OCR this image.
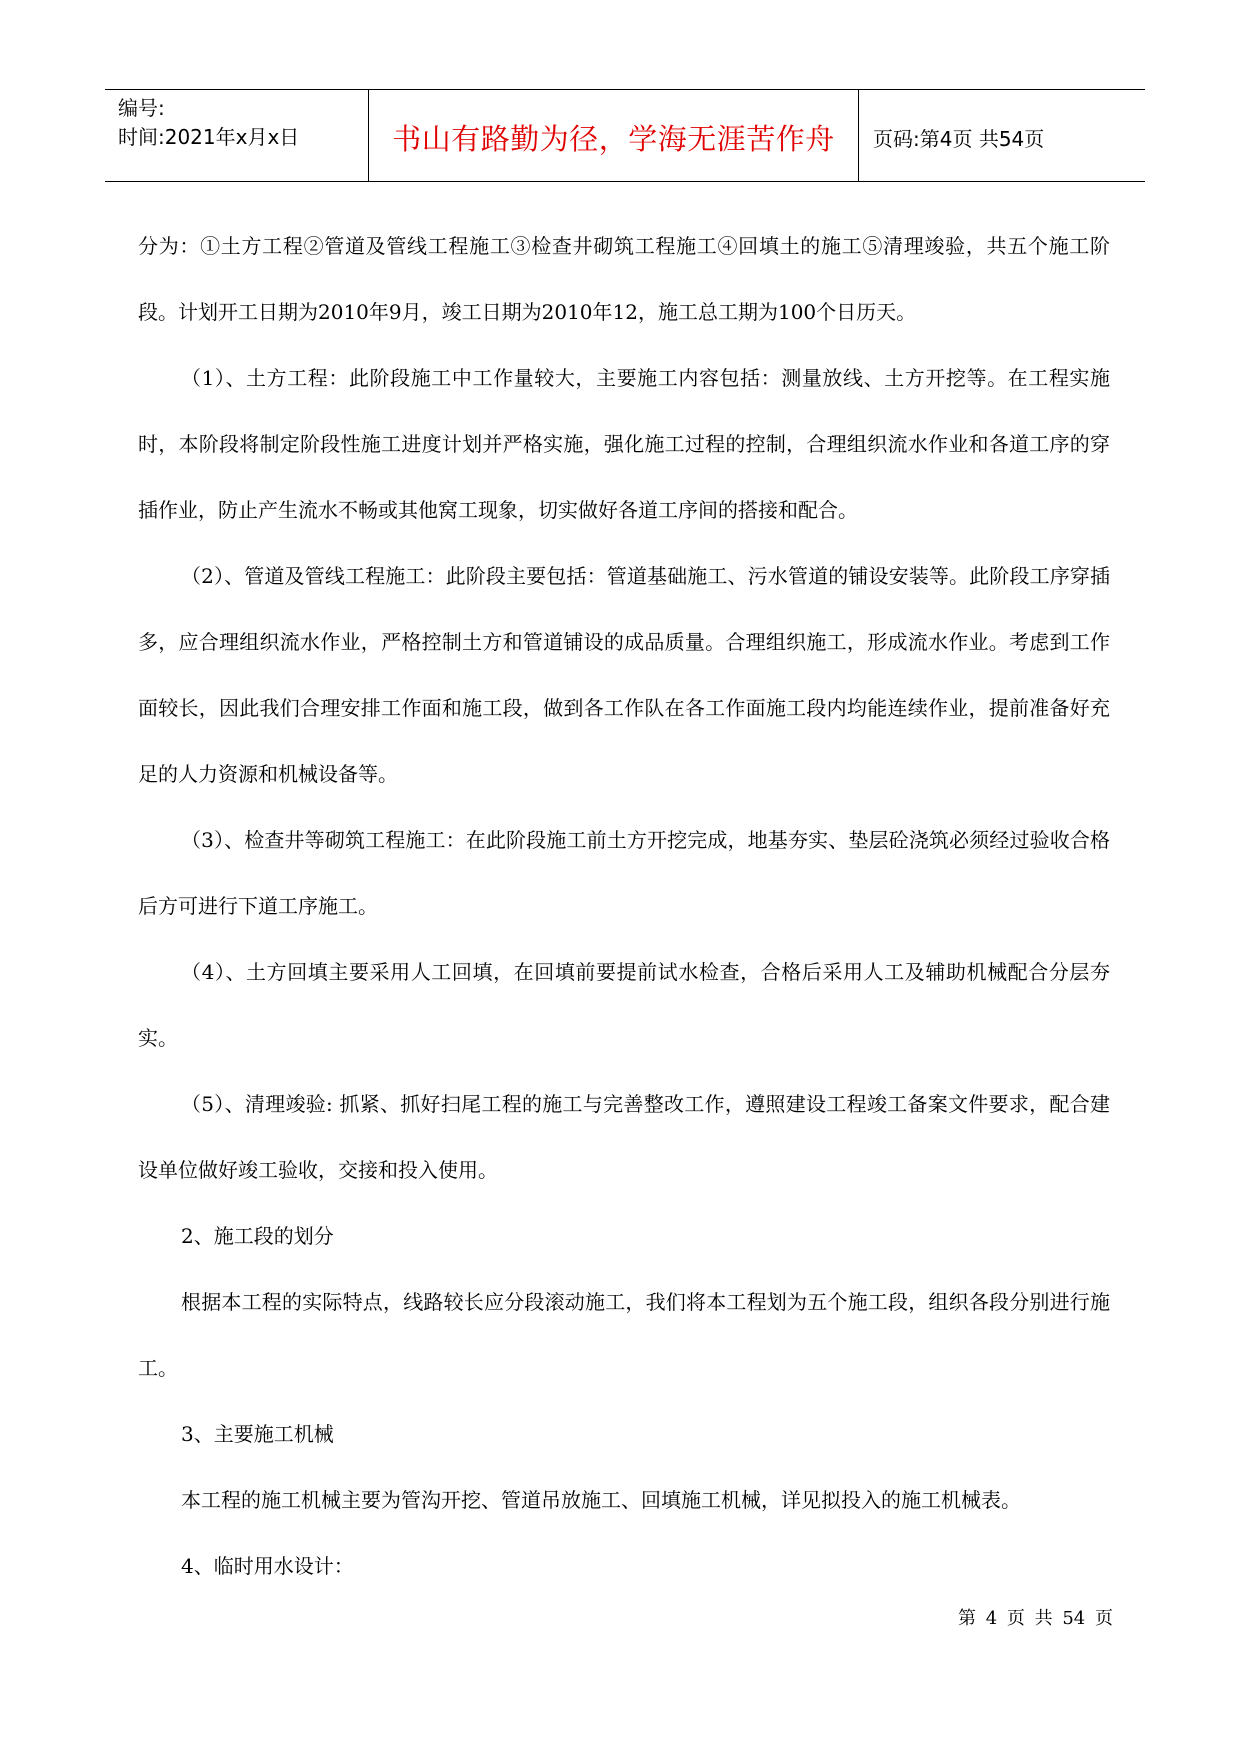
编号:
时间:2021年x月x日	书山有路勤为径，学海无涯苦作舟	页码:第4页 共54页

分为：①土方工程②管道及管线工程施工③检查井砌筑工程施工④回填土的施工⑤清理竣验，共五个施工阶段。计划开工日期为2010年9月，竣工日期为2010年12，施工总工期为100个日历天。

（1）、土方工程：此阶段施工中工作量较大，主要施工内容包括：测量放线、土方开挖等。在工程实施时，本阶段将制定阶段性施工进度计划并严格实施，强化施工过程的控制，合理组织流水作业和各道工序的穿插作业，防止产生流水不畅或其他窝工现象，切实做好各道工序间的搭接和配合。

（2）、管道及管线工程施工：此阶段主要包括：管道基础施工、污水管道的铺设安装等。此阶段工序穿插多，应合理组织流水作业，严格控制土方和管道铺设的成品质量。合理组织施工，形成流水作业。考虑到工作面较长，因此我们合理安排工作面和施工段，做到各工作队在各工作面施工段内均能连续作业，提前准备好充足的人力资源和机械设备等。

（3）、检查井等砌筑工程施工：在此阶段施工前土方开挖完成，地基夯实、垫层砼浇筑必须经过验收合格后方可进行下道工序施工。

（4）、土方回填主要采用人工回填，在回填前要提前试水检查，合格后采用人工及辅助机械配合分层夯实。

（5）、清理竣验: 抓紧、抓好扫尾工程的施工与完善整改工作，遵照建设工程竣工备案文件要求，配合建设单位做好竣工验收，交接和投入使用。

2、施工段的划分

根据本工程的实际特点，线路较长应分段滚动施工，我们将本工程划为五个施工段，组织各段分别进行施工。

3、主要施工机械

本工程的施工机械主要为管沟开挖、管道吊放施工、回填施工机械，详见拟投入的施工机械表。

4、临时用水设计：

第 4 页 共 54 页
